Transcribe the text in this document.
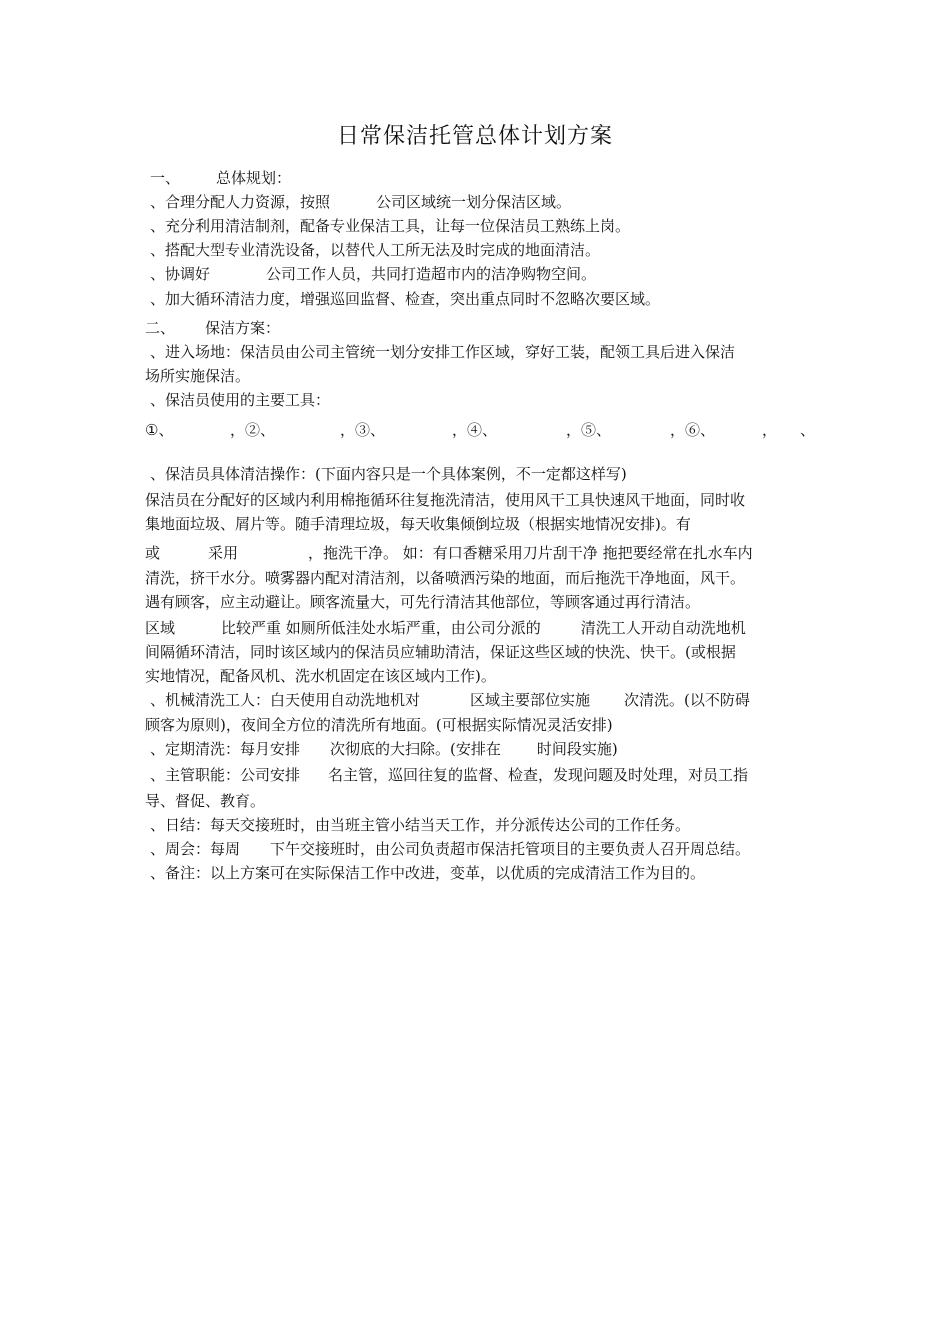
日常保洁托管总体计划方案
一、 总体规划：
、合理分配人力资源，按照	公司区域统一划分保洁区域。
、充分利用清洁制剂，配备专业保洁工具，让每一位保洁员工熟练上岗。
、搭配大型专业清洗设备，以替代人工所无法及时完成的地面清洁。
、协调好	公司工作人员，共同打造超市内的洁净购物空间。
、加大循环清洁力度，增强巡回监督、检查，突出重点同时不忽略次要区域。
二、 保洁方案：
、进入场地：保洁员由公司主管统一划分安排工作区域，穿好工装，配领工具后进入保洁
场所实施保洁。
、保洁员使用的主要工具：
①、	，②、	，③、	，④、	，⑤、	，⑥、	， 、
、保洁员具体清洁操作：(下面内容只是一个具体案例，不一定都这样写)
保洁员在分配好的区域内利用棉拖循环往复拖洗清洁，使用风干工具快速风干地面，同时收
集地面垃圾、屑片等。随手清理垃圾，每天收集倾倒垃圾（根据实地情况安排)。有
或	采用	，拖洗干净。 如：有口香糖采用刀片刮干净 拖把要经常在扎水车内
清洗，挤干水分。喷雾器内配对清洁剂，以备喷洒污染的地面，而后拖洗干净地面，风干。
遇有顾客，应主动避让。顾客流量大，可先行清洁其他部位，等顾客通过再行清洁。
区域	比较严重 如厕所低洼处水垢严重，由公司分派的	清洗工人开动自动洗地机
间隔循环清洁，同时该区域内的保洁员应辅助清洁，保证这些区域的快洗、快干。(或根据
实地情况，配备风机、洗水机固定在该区域内工作)。
、机械清洗工人：白天使用自动洗地机对	区域主要部位实施 次清洗。(以不防碍
顾客为原则)，夜间全方位的清洗所有地面。(可根据实际情况灵活安排)
、定期清洗：每月安排 次彻底的大扫除。(安排在 时间段实施)
、主管职能：公司安排 名主管，巡回往复的监督、检查，发现问题及时处理，对员工指
导、督促、教育。
、日结：每天交接班时，由当班主管小结当天工作，并分派传达公司的工作任务。
、周会：每周 下午交接班时，由公司负责超市保洁托管项目的主要负责人召开周总结。
、备注：以上方案可在实际保洁工作中改进，变革，以优质的完成清洁工作为目的。
